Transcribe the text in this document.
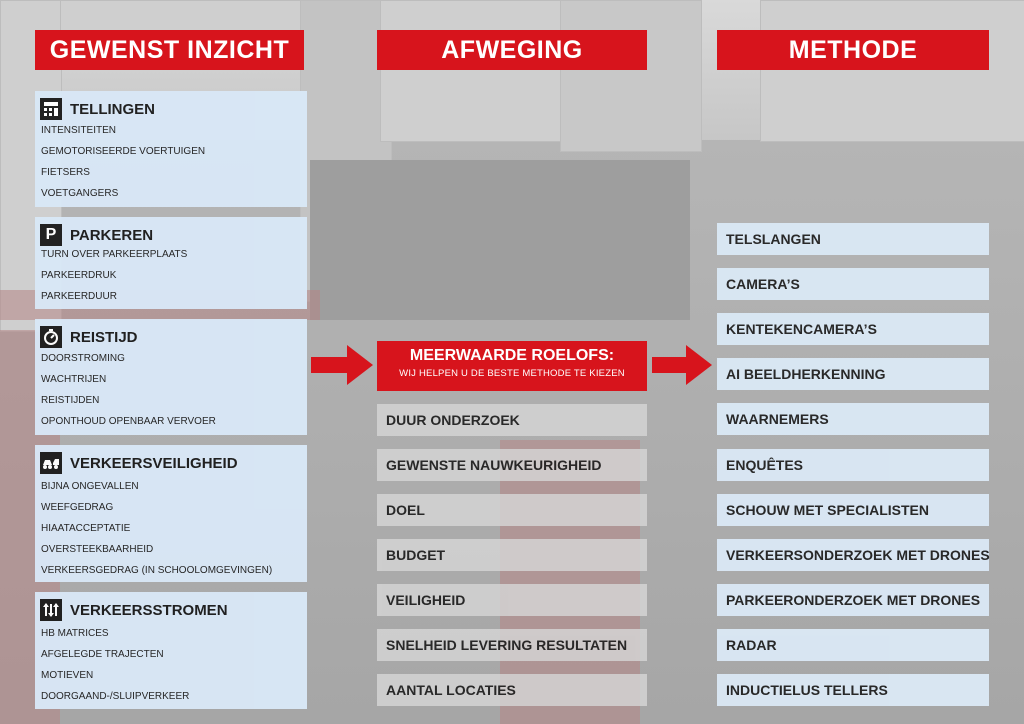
GEWENST INZICHT	AFWEGING	METHODE
TELLINGEN
INTENSITEITEN
GEMOTORISEERDE VOERTUIGEN
FIETSERS
VOETGANGERS
P PARKEREN
TURN OVER PARKEERPLAATS
PARKEERDRUK
PARKEERDUUR
REISTIJD
DOORSTROMING
WACHTRIJEN
REISTIJDEN
OPONTHOUD OPENBAAR VERVOER
VERKEERSVEILIGHEID
BIJNA ONGEVALLEN
WEEFGEDRAG
HIAATACCEPTATIE
OVERSTEEKBAARHEID
VERKEERSGEDRAG (IN SCHOOLOMGEVINGEN)
VERKEERSSTROMEN
HB MATRICES
AFGELEGDE TRAJECTEN
MOTIEVEN
DOORGAAND-/SLUIPVERKEER
MEERWAARDE ROELOFS:
WIJ HELPEN U DE BESTE METHODE TE KIEZEN
DUUR ONDERZOEK
GEWENSTE NAUWKEURIGHEID
DOEL
BUDGET
VEILIGHEID
SNELHEID LEVERING RESULTATEN
AANTAL LOCATIES
TELSLANGEN
CAMERA’S
KENTEKENCAMERA’S
AI BEELDHERKENNING
WAARNEMERS
ENQUÊTES
SCHOUW MET SPECIALISTEN
VERKEERSONDERZOEK MET DRONES
PARKEERONDERZOEK MET DRONES
RADAR
INDUCTIELUS TELLERS
